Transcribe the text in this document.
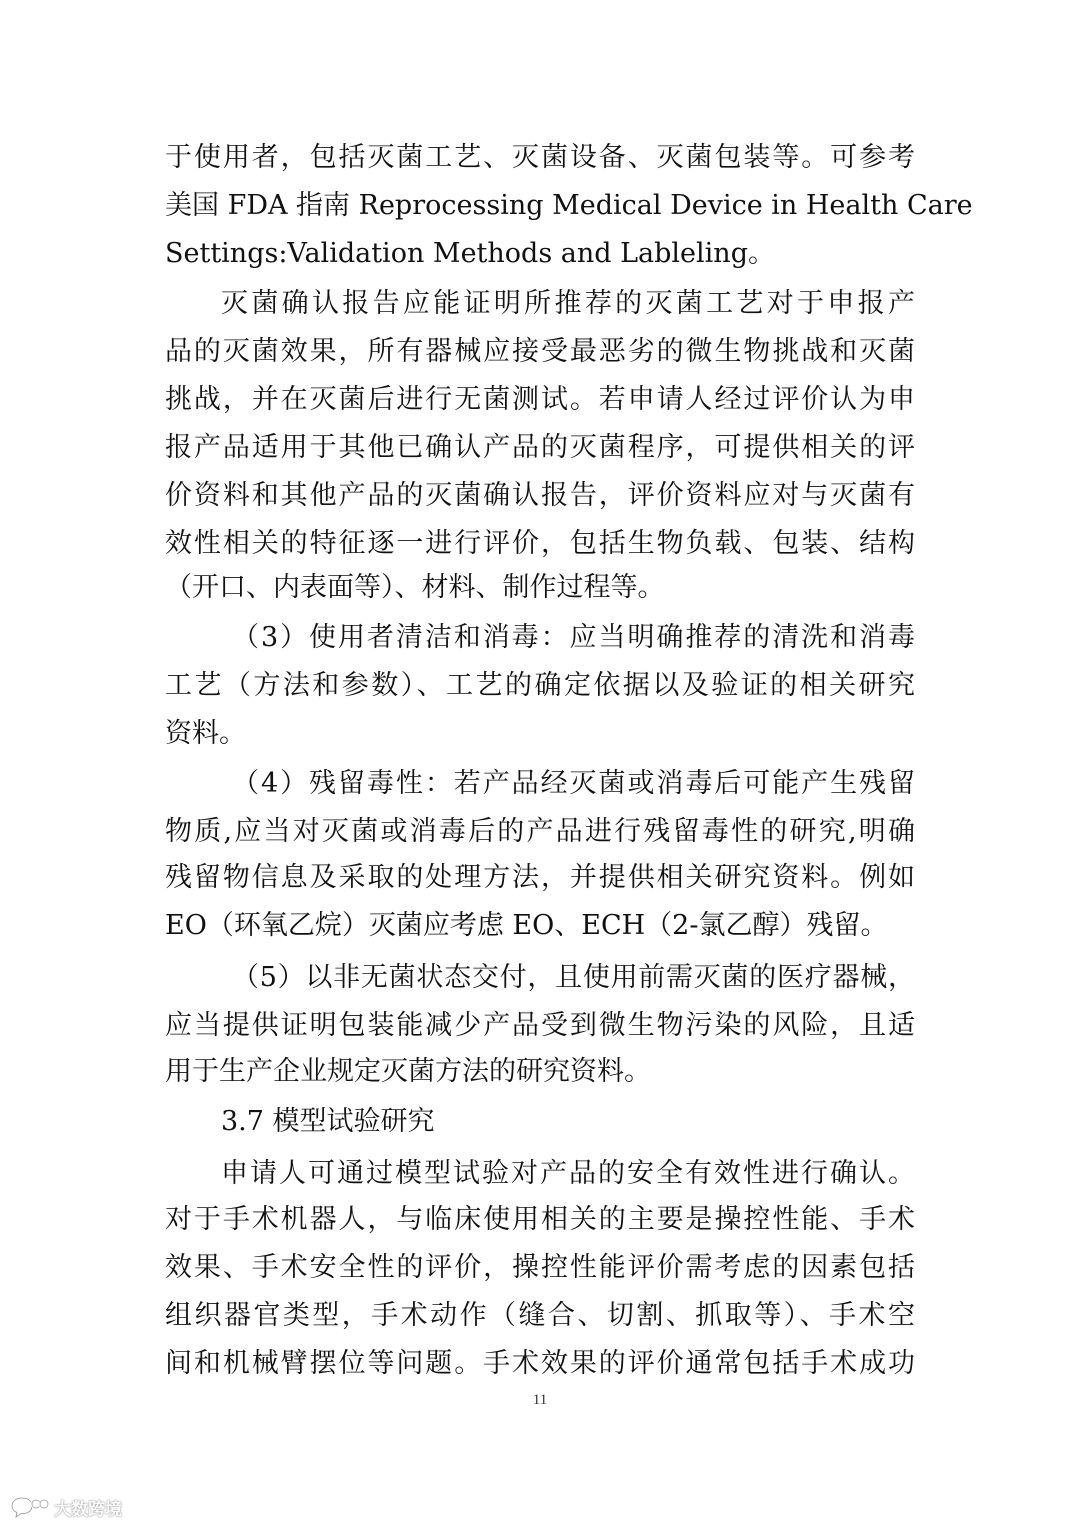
于使用者，包括灭菌工艺、灭菌设备、灭菌包装等。可参考
美国 FDA 指南 Reprocessing Medical Device in Health Care
Settings:Validation Methods and Lableling。
灭菌确认报告应能证明所推荐的灭菌工艺对于申报产
品的灭菌效果，所有器械应接受最恶劣的微生物挑战和灭菌
挑战，并在灭菌后进行无菌测试。若申请人经过评价认为申
报产品适用于其他已确认产品的灭菌程序，可提供相关的评
价资料和其他产品的灭菌确认报告，评价资料应对与灭菌有
效性相关的特征逐一进行评价，包括生物负载、包装、结构
（开口、内表面等）、材料、制作过程等。
（3）使用者清洁和消毒：应当明确推荐的清洗和消毒
工艺（方法和参数）、工艺的确定依据以及验证的相关研究
资料。
（4）残留毒性：若产品经灭菌或消毒后可能产生残留
物质,应当对灭菌或消毒后的产品进行残留毒性的研究,明确
残留物信息及采取的处理方法，并提供相关研究资料。例如
EO（环氧乙烷）灭菌应考虑 EO、ECH（2-氯乙醇）残留。
（5）以非无菌状态交付，且使用前需灭菌的医疗器械，
应当提供证明包装能减少产品受到微生物污染的风险，且适
用于生产企业规定灭菌方法的研究资料。
3.7 模型试验研究
申请人可通过模型试验对产品的安全有效性进行确认。
对于手术机器人，与临床使用相关的主要是操控性能、手术
效果、手术安全性的评价，操控性能评价需考虑的因素包括
组织器官类型，手术动作（缝合、切割、抓取等）、手术空
间和机械臂摆位等问题。手术效果的评价通常包括手术成功
11
大数跨境
